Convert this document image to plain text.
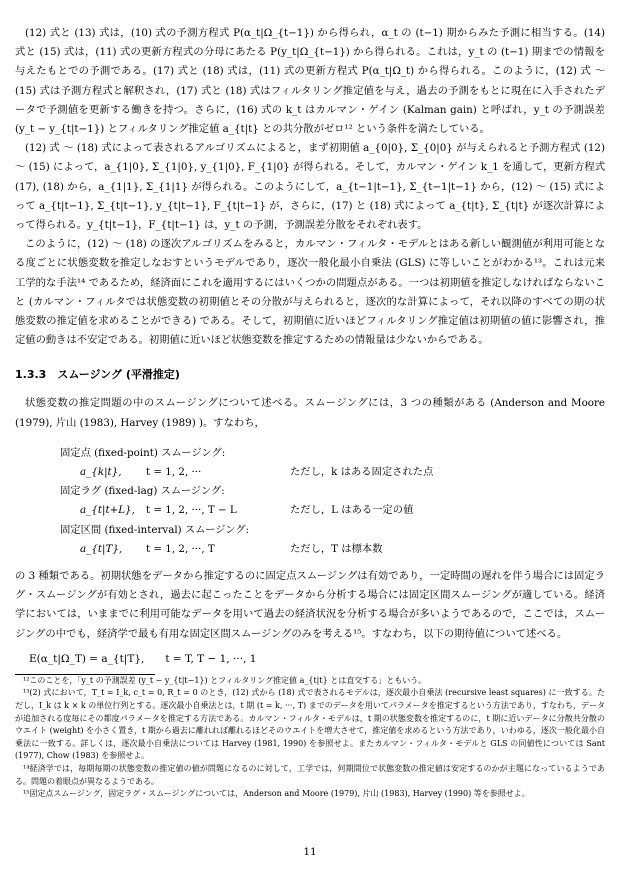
(12) 式と (13) 式は，(10) 式の予測方程式 P(α_t|Ω_{t−1}) から得られ，α_t の (t−1) 期からみた予測に相当する。(14) 式と (15) 式は，(11) 式の更新方程式の分母にあたる P(y_t|Ω_{t−1}) から得られる。これは，y_t の (t−1) 期までの情報を与えたもとでの予測である。(17) 式と (18) 式は，(11) 式の更新方程式 P(α_t|Ω_t) から得られる。このように，(12) 式 〜 (15) 式は予測方程式と解釈され，(17) 式と (18) 式はフィルタリング推定値を与え，過去の予測をもとに現在に入手されたデータで予測値を更新する働きを持つ。さらに，(16) 式の k_t はカルマン・ゲイン (Kalman gain) と呼ばれ，y_t の予測誤差 (y_t − y_{t|t−1}) とフィルタリング推定値 a_{t|t} との共分散がゼロ¹² という条件を満たしている。

(12) 式 〜 (18) 式によって表されるアルゴリズムによると，まず初期値 a_{0|0}, Σ_{0|0} が与えられると予測方程式 (12) 〜 (15) によって，a_{1|0}, Σ_{1|0}, y_{1|0}, F_{1|0} が得られる。そして，カルマン・ゲイン k_1 を通して，更新方程式 (17), (18) から，a_{1|1}, Σ_{1|1} が得られる。このようにして，a_{t−1|t−1}, Σ_{t−1|t−1} から，(12) 〜 (15) 式によって a_{t|t−1}, Σ_{t|t−1}, y_{t|t−1}, F_{t|t−1} が，さらに，(17) と (18) 式によって a_{t|t}, Σ_{t|t} が逐次計算によって得られる。y_{t|t−1}，F_{t|t−1} は，y_t の予測，予測誤差分散をそれぞれ表す。

このように，(12) 〜 (18) の逐次アルゴリズムをみると，カルマン・フィルタ・モデルとはある新しい観測値が利用可能となる度ごとに状態変数を推定しなおすというモデルであり，逐次一般化最小自乗法 (GLS) に等しいことがわかる¹³。これは元来工学的な手法¹⁴ であるため，経済面にこれを適用するにはいくつかの問題点がある。一つは初期値を推定しなければならないこと (カルマン・フィルタでは状態変数の初期値とその分散が与えられると，逐次的な計算によって，それ以降のすべての期の状態変数の推定値を求めることができる) である。そして，初期値に近いほどフィルタリング推定値は初期値の値に影響され，推定値の動きは不安定である。初期値に近いほど状態変数を推定するための情報量は少ないからである。

1.3.3　スムージング (平滑推定)

状態変数の推定問題の中のスムージングについて述べる。スムージングには，3 つの種類がある (Anderson and Moore (1979), 片山 (1983), Harvey (1989) )。すなわち，

固定点 (fixed-point) スムージング:
a_{k|t},	t = 1, 2, ···	ただし，k はある固定された点
固定ラグ (fixed-lag) スムージング:
a_{t|t+L},	t = 1, 2, ···, T − L	ただし，L はある一定の値
固定区間 (fixed-interval) スムージング:
a_{t|T},	t = 1, 2, ···, T	ただし，T は標本数

の 3 種類である。初期状態をデータから推定するのに固定点スムージングは有効であり，一定時間の遅れを伴う場合には固定ラグ・スムージングが有効とされ，過去に起こったことをデータから分析する場合には固定区間スムージングが適している。経済学においては，いままでに利用可能なデータを用いて過去の経済状況を分析する場合が多いようであるので，ここでは，スムージングの中でも，経済学で最も有用な固定区間スムージングのみを考える¹⁵。すなわち，以下の期待値について述べる。

E(α_t|Ω_T) = a_{t|T},　　t = T, T − 1, ···, 1

¹²このことを，「y_t の予測誤差 (y_t − y_{t|t−1}) とフィルタリング推定値 a_{t|t} とは直交する」ともいう。

¹³(2) 式において，T_t = I_k, c_t = 0, R_t = 0 のとき，(12) 式から (18) 式で表されるモデルは，逐次最小自乗法 (recursive least squares) に一致する。ただし，I_k は k × k の単位行列とする。逐次最小自乗法とは，t 期 (t = k, ···, T) までのデータを用いてパラメータを推定するという方法であり，すなわち，データが追加される度毎にその都度パラメータを推定する方法である。カルマン・フィルタ・モデルは，t 期の状態変数を推定するのに，t 期に近いデータに分散共分散のウエイト (weight) を小さく置き，t 期から過去に離れれば離れるほどそのウエイトを増大させて，推定値を求めるという方法であり，いわゆる，逐次一般化最小自乗法に一致する。詳しくは，逐次最小自乗法については Harvey (1981, 1990) を参照せよ。またカルマン・フィルタ・モデルと GLS の同値性については Sant (1977), Chow (1983) を参照せよ。

¹⁴経済学では，毎期毎期の状態変数の推定値の値が問題になるのに対して，工学では，何期間位で状態変数の推定値は安定するのかが主題になっているようである。問題の着眼点が異なるようである。

¹⁵固定点スムージング，固定ラグ・スムージングについては，Anderson and Moore (1979), 片山 (1983), Harvey (1990) 等を参照せよ。

11
